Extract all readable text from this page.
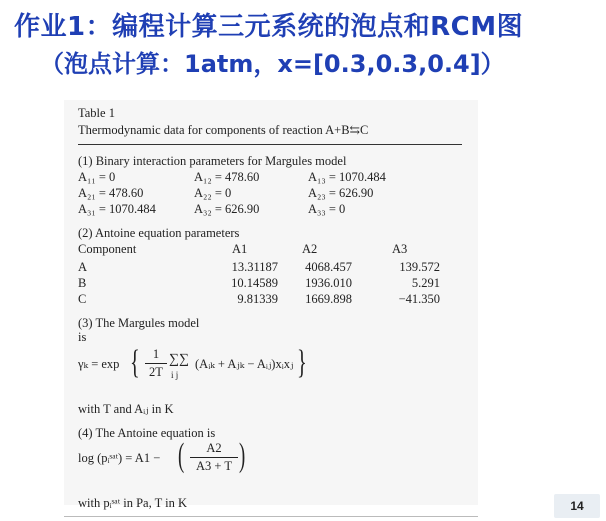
作业1：编程计算三元系统的泡点和RCM图
（泡点计算：1atm，x=[0.3,0.3,0.4]）
Table 1
Thermodynamic data for components of reaction A+B⇆C
(1) Binary interaction parameters for Margules model
A₁₁ = 0	A₁₂ = 478.60	A₁₃ = 1070.484
A₂₁ = 478.60	A₂₂ = 0	A₂₃ = 626.90
A₃₁ = 1070.484	A₃₂ = 626.90	A₃₃ = 0
(2) Antoine equation parameters
Component	A1	A2	A3
A	13.31187 4068.457	139.572
B	10.14589 1936.010	5.291
C	9.81339 1669.898	−41.350
(3) The Margules model
is
γₖ = exp {	1
2T
∑∑
i j
(Aᵢₖ + Aⱼₖ − Aᵢⱼ)xᵢxⱼ }
with T and Aᵢⱼ in K
(4) The Antoine equation is
log (pᵢˢᵃᵗ) = A1 − (	A2
A3 + T )
with pᵢˢᵃᵗ in Pa, T in K	14
